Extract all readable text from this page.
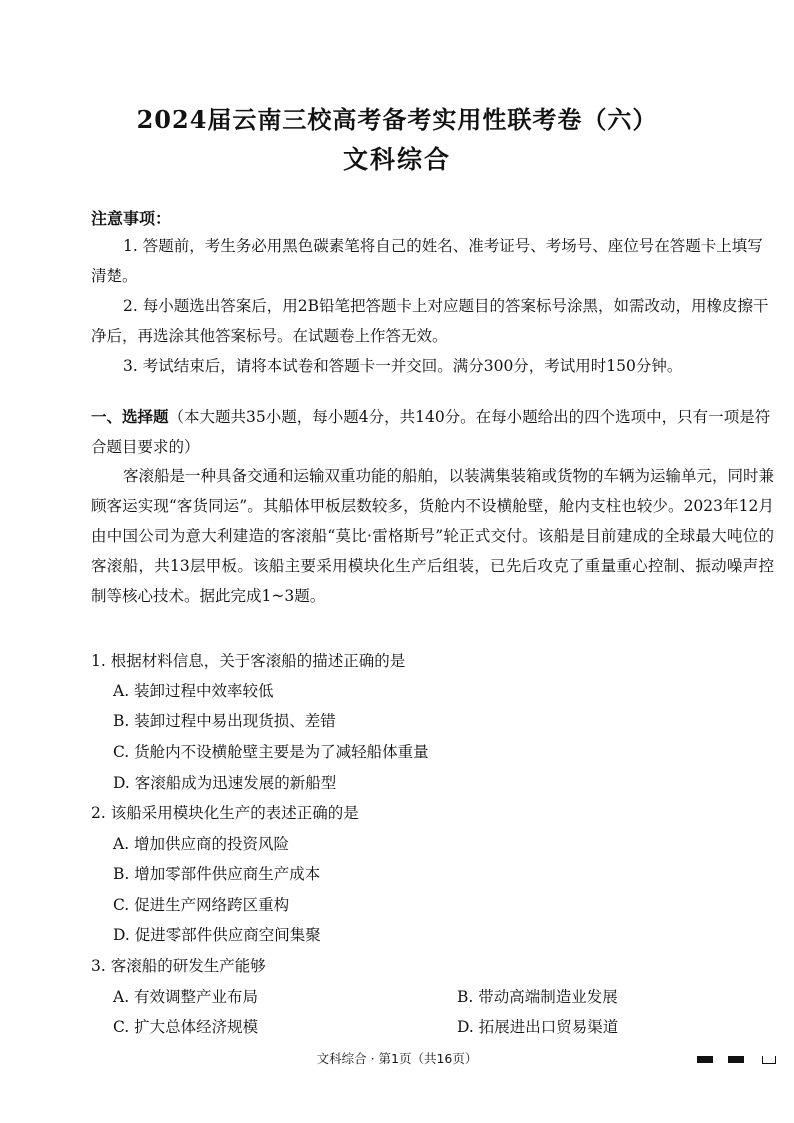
2024届云南三校高考备考实用性联考卷（六）
文科综合
注意事项：
1. 答题前，考生务必用黑色碳素笔将自己的姓名、准考证号、考场号、座位号在答题卡上填写清楚。
2. 每小题选出答案后，用2B铅笔把答题卡上对应题目的答案标号涂黑，如需改动，用橡皮擦干净后，再选涂其他答案标号。在试题卷上作答无效。
3. 考试结束后，请将本试卷和答题卡一并交回。满分300分，考试用时150分钟。
一、选择题（本大题共35小题，每小题4分，共140分。在每小题给出的四个选项中，只有一项是符合题目要求的）
客滚船是一种具备交通和运输双重功能的船舶，以装满集装箱或货物的车辆为运输单元，同时兼顾客运实现“客货同运”。其船体甲板层数较多，货舱内不设横舱壁，舱内支柱也较少。2023年12月由中国公司为意大利建造的客滚船“莫比·雷格斯号”轮正式交付。该船是目前建成的全球最大吨位的客滚船，共13层甲板。该船主要采用模块化生产后组装，已先后攻克了重量重心控制、振动噪声控制等核心技术。据此完成1~3题。
1. 根据材料信息，关于客滚船的描述正确的是
A. 装卸过程中效率较低
B. 装卸过程中易出现货损、差错
C. 货舱内不设横舱壁主要是为了减轻船体重量
D. 客滚船成为迅速发展的新船型
2. 该船采用模块化生产的表述正确的是
A. 增加供应商的投资风险
B. 增加零部件供应商生产成本
C. 促进生产网络跨区重构
D. 促进零部件供应商空间集聚
3. 客滚船的研发生产能够
A. 有效调整产业布局	B. 带动高端制造业发展
C. 扩大总体经济规模	D. 拓展进出口贸易渠道
文科综合 · 第1页（共16页）
